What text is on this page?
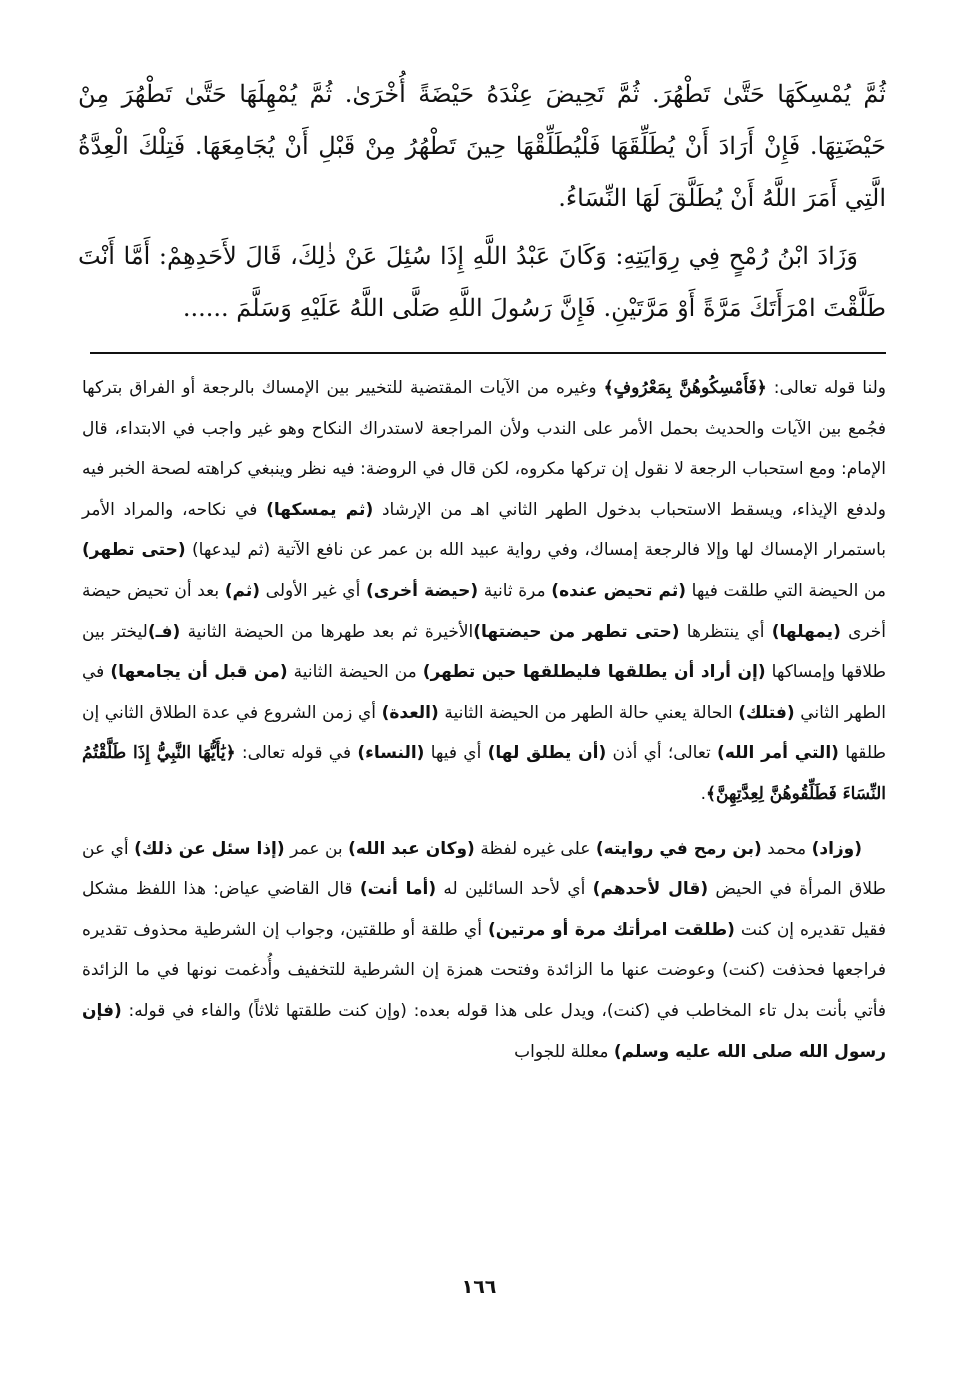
ثُمَّ يُمْسِكَهَا حَتَّىٰ تَطْهُرَ. ثُمَّ تَحِيضَ عِنْدَهُ حَيْضَةً أُخْرَىٰ. ثُمَّ يُمْهِلَهَا حَتَّىٰ تَطْهُرَ مِنْ حَيْضَتِهَا. فَإِنْ أَرَادَ أَنْ يُطَلِّقَهَا فَلْيُطَلِّقْهَا حِينَ تَطْهُرُ مِنْ قَبْلِ أَنْ يُجَامِعَهَا. فَتِلْكَ الْعِدَّةُ الَّتِي أَمَرَ اللَّهُ أَنْ يُطَلَّقَ لَهَا النِّسَاءُ.

وَزَادَ ابْنُ رُمْحٍ فِي رِوَايَتِهِ: وَكَانَ عَبْدُ اللَّهِ إِذَا سُئِلَ عَنْ ذٰلِكَ، قَالَ لأَحَدِهِمْ: أَمَّا أَنْتَ طَلَّقْتَ امْرَأَتَكَ مَرَّةً أَوْ مَرَّتَيْنِ. فَإِنَّ رَسُولَ اللَّهِ صَلَّى اللَّهُ عَلَيْهِ وَسَلَّمَ ......

ولنا قوله تعالى: ﴿فَأَمْسِكُوهُنَّ بِمَعْرُوفٍ﴾ وغيره من الآيات المقتضية للتخيير بين الإمساك بالرجعة أو الفراق بتركها فجُمع بين الآيات والحديث بحمل الأمر على الندب ولأن المراجعة لاستدراك النكاح وهو غير واجب في الابتداء، قال الإمام: ومع استحباب الرجعة لا نقول إن تركها مكروه، لكن قال في الروضة: فيه نظر وينبغي كراهته لصحة الخبر فيه ولدفع الإيذاء، ويسقط الاستحباب بدخول الطهر الثاني اهـ من الإرشاد (ثم يمسكها) في نكاحه، والمراد الأمر باستمرار الإمساك لها وإلا فالرجعة إمساك، وفي رواية عبيد الله بن عمر عن نافع الآتية (ثم ليدعها) (حتى تطهر) من الحيضة التي طلقت فيها (ثم تحيض عنده) مرة ثانية (حيضة أخرى) أي غير الأولى (ثم) بعد أن تحيض حيضة أخرى (يمهلها) أي ينتظرها (حتى تطهر من حيضتها)الأخيرة ثم بعد طهرها من الحيضة الثانية (فـ)ليختر بين طلاقها وإمساكها (إن أراد أن يطلقها فليطلقها حين تطهر) من الحيضة الثانية (من قبل أن يجامعها) في الطهر الثاني (فتلك) الحالة يعني حالة الطهر من الحيضة الثانية (العدة) أي زمن الشروع في عدة الطلاق الثاني إن طلقها (التي أمر الله) تعالى؛ أي أذن (أن يطلق لها) أي فيها (النساء) في قوله تعالى: ﴿يَٰأَيُّهَا النَّبِيُّ إِذَا طَلَّقْتُمُ النِّسَاءَ فَطَلِّقُوهُنَّ لِعِدَّتِهِنَّ﴾.

(وزاد) محمد (بن رمح في روايته) على غيره لفظة (وكان عبد الله) بن عمر (إذا سئل عن ذلك) أي عن طلاق المرأة في الحيض (قال لأحدهم) أي لأحد السائلين له (أما أنت) قال القاضي عياض: هذا اللفظ مشكل فقيل تقديره إن كنت (طلقت امرأتك مرة أو مرتين) أي طلقة أو طلقتين، وجواب إن الشرطية محذوف تقديره فراجعها فحذفت (كنت) وعوضت عنها ما الزائدة وفتحت همزة إن الشرطية للتخفيف وأُدغمت نونها في ما الزائدة فأتي بأنت بدل تاء المخاطب في (كنت)، ويدل على هذا قوله بعده: (وإن كنت طلقتها ثلاثاً) والفاء في قوله: (فإن رسول الله صلى الله عليه وسلم) معللة للجواب

١٦٦
